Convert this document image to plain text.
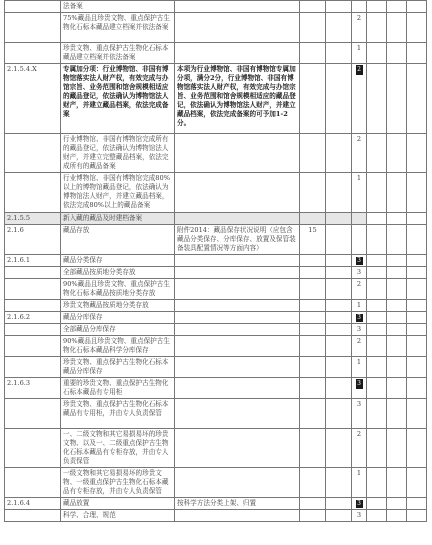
	法备案							
	75%藏品且珍贵文物、重点保护古生物化石标本藏品建立档案并依法备案				2			
	珍贵文物、重点保护古生物化石标本藏品建立档案并依法备案				1			
2.1.5.4.X	专属加分项：行业博物馆、非国有博物馆落实法人财产权，有效完成与办馆宗旨、业务范围和馆舍规模相适应的藏品登记，依法确认为博物馆法人财产，并建立藏品档案，依法完成备案	本项为行业博物馆、非国有博物馆专属加分项，满分2分，行业博物馆、非国有博物馆落实法人财产权，有效完成与办馆宗旨、业务范围和馆舍规模相适应的藏品登记，依法确认为博物馆法人财产，并建立藏品档案，依法完成备案的可予加1-2分。			2			
	行业博物馆、非国有博物馆完成所有的藏品登记，依法确认为博物馆法人财产，并建立完整藏品档案，依法完成所有的藏品备案				2			
	行业博物馆、非国有博物馆完成80%以上的博物馆藏品登记，依法确认为博物馆法人财产，并建立藏品档案，依法完成80%以上的藏品备案				1			
2.1.5.5	新入藏的藏品及时建档备案							
2.1.6	藏品存放	附件2014：藏品保存状况说明（应包含藏品分类保存、分库保存、放置及保管装备装具配置情况等方面内容）	15					
2.1.6.1	藏品分类保存				3			
	全部藏品按质地分类存放				3			
	90%藏品且珍贵文物、重点保护古生物化石标本藏品按质地分类存放				2			
	珍贵文物藏品按质地分类存放				1			
2.1.6.2	藏品分库保存				3			
	全部藏品分库保存				3			
	90%藏品且珍贵文物、重点保护古生物化石标本藏品科学分库保存				2			
	珍贵文物、重点保护古生物化石标本藏品分库保存				1			
2.1.6.3	重要的珍贵文物、重点保护古生物化石标本藏品有专用柜				3			
	珍贵文物、重点保护古生物化石标本藏品有专用柜，并由专人负责保管				3			
	一、二级文物和其它易损易坏的珍贵文物、以及一、二级重点保护古生物化石标本藏品有专柜存放，并由专人负责保管				2			
	一级文物和其它易损易坏的珍贵文物、一级重点保护古生物化石标本藏品有专柜存放，并由专人负责保管				1			
2.1.6.4	藏品放置	按科学方法分类上架、归置			3			
	科学、合理、规范				3			
